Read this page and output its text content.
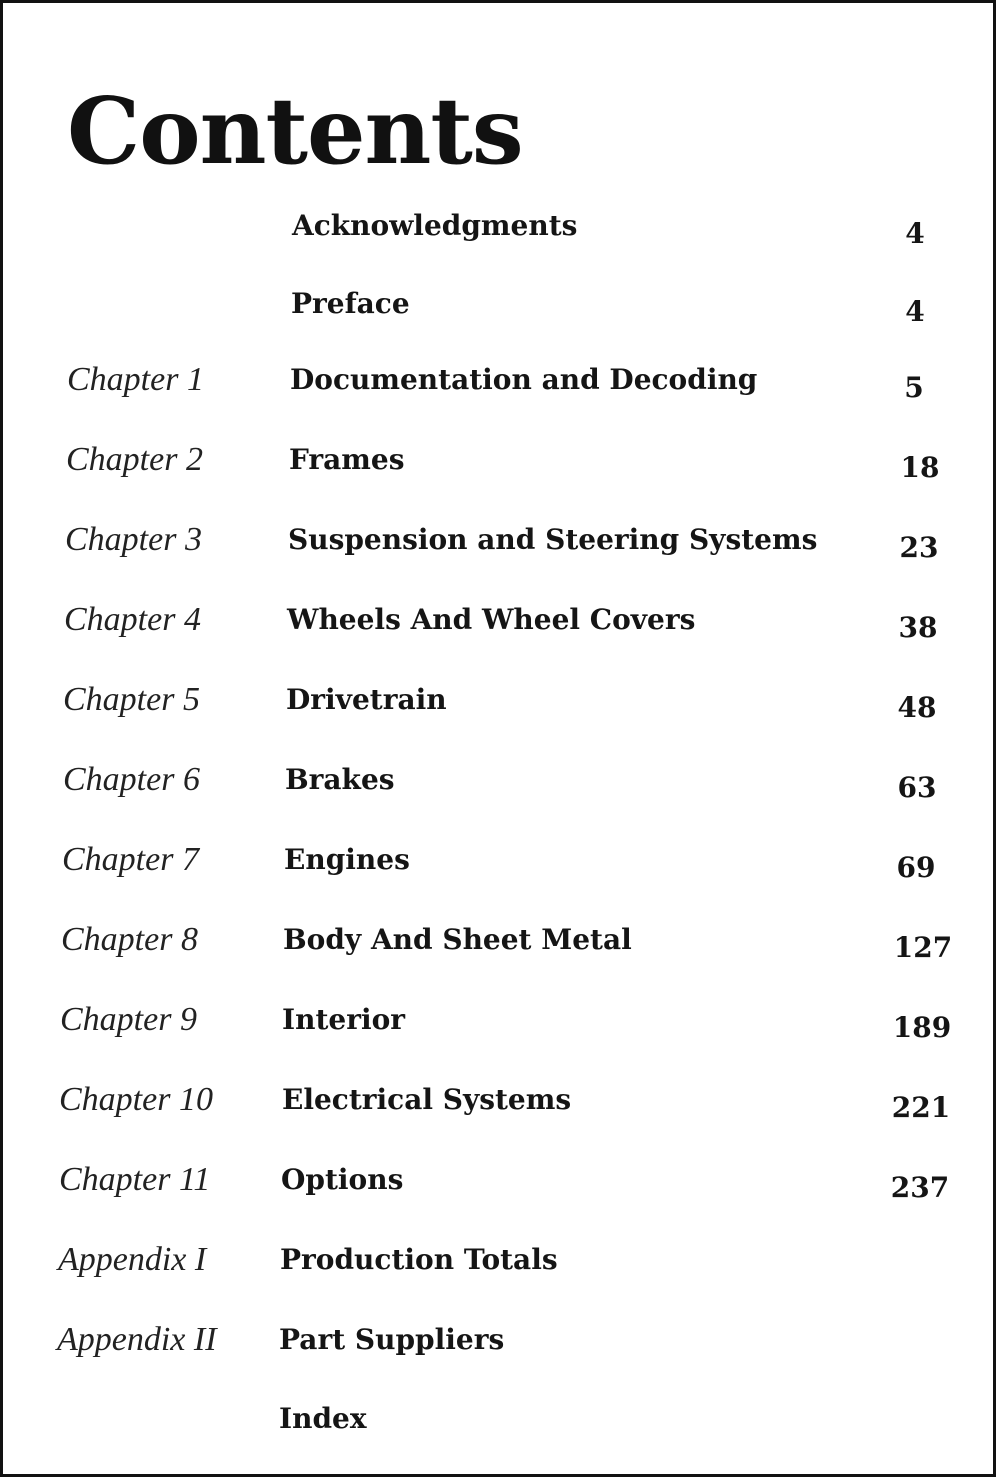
Contents
Acknowledgments	4
Preface	4
Chapter 1	Documentation and Decoding	5
Chapter 2	Frames	18
Chapter 3	Suspension and Steering Systems	23
Chapter 4	Wheels And Wheel Covers	38
Chapter 5	Drivetrain	48
Chapter 6	Brakes	63
Chapter 7	Engines	69
Chapter 8	Body And Sheet Metal	127
Chapter 9	Interior	189
Chapter 10 Electrical Systems	221
Chapter 11	Options	237
Appendix I	Production Totals
Appendix II Part Suppliers
Index
